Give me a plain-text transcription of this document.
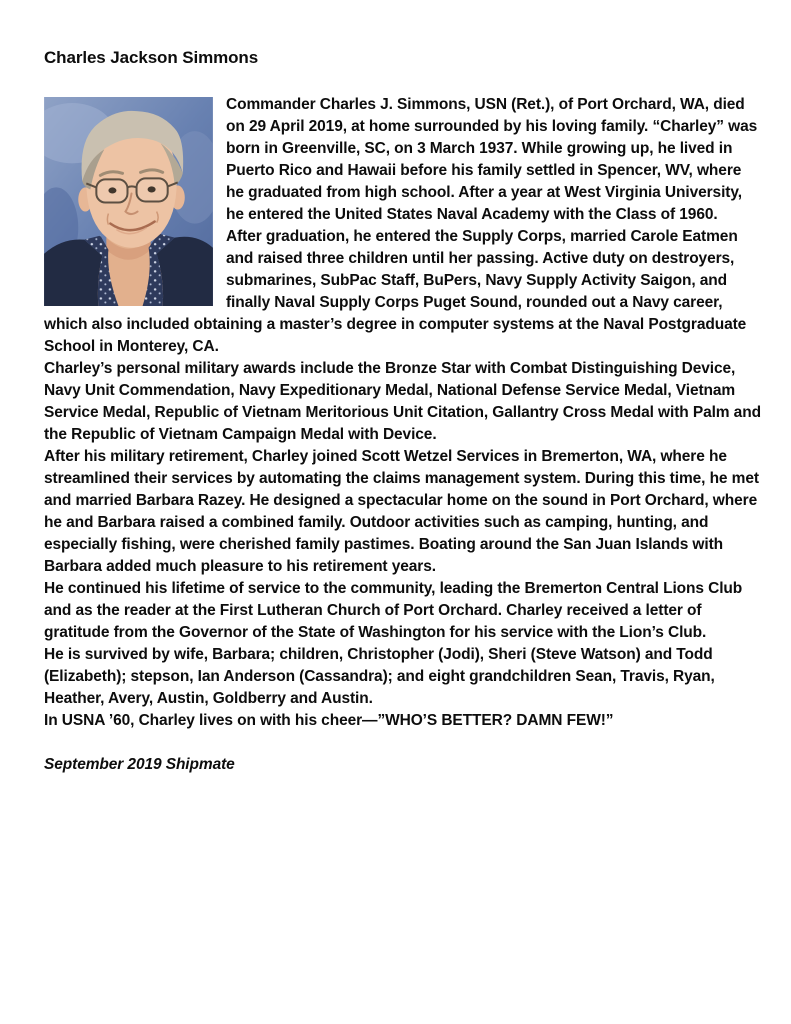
Charles Jackson Simmons

Commander Charles J. Simmons, USN (Ret.), of Port Orchard, WA, died on 29 April 2019, at home surrounded by his loving family. “Charley” was born in Greenville, SC, on 3 March 1937. While growing up, he lived in Puerto Rico and Hawaii before his family settled in Spencer, WV, where he graduated from high school. After a year at West Virginia University, he entered the United States Naval Academy with the Class of 1960.

After graduation, he entered the Supply Corps, married Carole Eatmen and raised three children until her passing. Active duty on destroyers, submarines, SubPac Staff, BuPers, Navy Supply Activity Saigon, and finally Naval Supply Corps Puget Sound, rounded out a Navy career, which also included obtaining a master’s degree in computer systems at the Naval Postgraduate School in Monterey, CA.

Charley’s personal military awards include the Bronze Star with Combat Distinguishing Device, Navy Unit Commendation, Navy Expeditionary Medal, National Defense Service Medal, Vietnam Service Medal, Republic of Vietnam Meritorious Unit Citation, Gallantry Cross Medal with Palm and the Republic of Vietnam Campaign Medal with Device.

After his military retirement, Charley joined Scott Wetzel Services in Bremerton, WA, where he streamlined their services by automating the claims management system. During this time, he met and married Barbara Razey. He designed a spectacular home on the sound in Port Orchard, where he and Barbara raised a combined family. Outdoor activities such as camping, hunting, and especially fishing, were cherished family pastimes. Boating around the San Juan Islands with Barbara added much pleasure to his retirement years.

He continued his lifetime of service to the community, leading the Bremerton Central Lions Club and as the reader at the First Lutheran Church of Port Orchard. Charley received a letter of gratitude from the Governor of the State of Washington for his service with the Lion’s Club.

He is survived by wife, Barbara; children, Christopher (Jodi), Sheri (Steve Watson) and Todd (Elizabeth); stepson, Ian Anderson (Cassandra); and eight grandchildren Sean, Travis, Ryan, Heather, Avery, Austin, Goldberry and Austin.

In USNA ’60, Charley lives on with his cheer—”WHO’S BETTER? DAMN FEW!”

September 2019 Shipmate
